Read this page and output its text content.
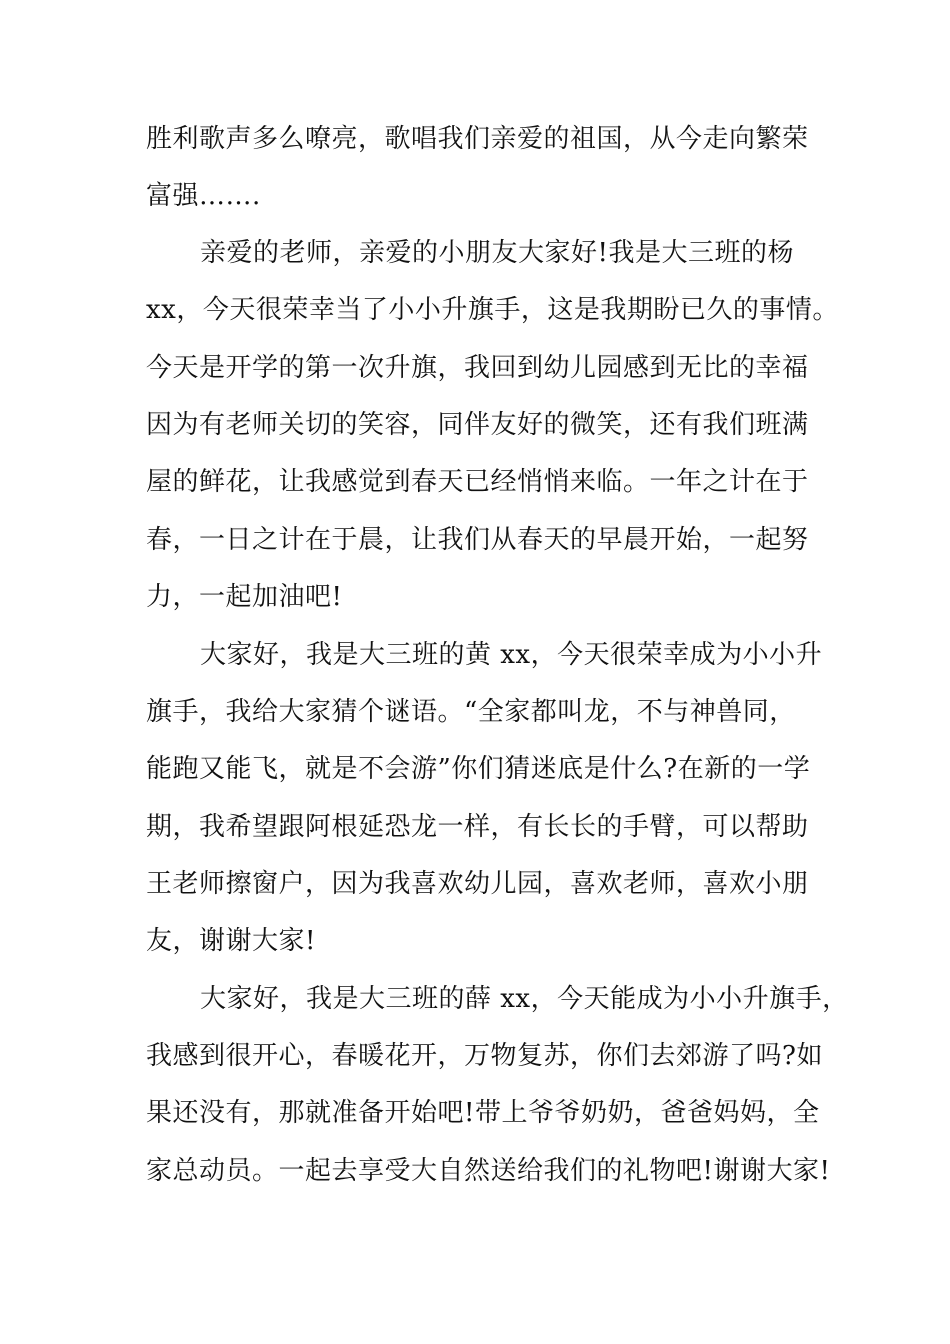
胜利歌声多么嘹亮，歌唱我们亲爱的祖国，从今走向繁荣
富强…….
亲爱的老师，亲爱的小朋友大家好!我是大三班的杨
xx，今天很荣幸当了小小升旗手，这是我期盼已久的事情。
今天是开学的第一次升旗，我回到幼儿园感到无比的幸福
因为有老师关切的笑容，同伴友好的微笑，还有我们班满
屋的鲜花，让我感觉到春天已经悄悄来临。一年之计在于
春，一日之计在于晨，让我们从春天的早晨开始，一起努
力，一起加油吧!
大家好，我是大三班的黄 xx，今天很荣幸成为小小升
旗手，我给大家猜个谜语。“全家都叫龙，不与神兽同，
能跑又能飞，就是不会游”你们猜迷底是什么?在新的一学
期，我希望跟阿根延恐龙一样，有长长的手臂，可以帮助
王老师擦窗户，因为我喜欢幼儿园，喜欢老师，喜欢小朋
友，谢谢大家!
大家好，我是大三班的薛 xx，今天能成为小小升旗手，
我感到很开心，春暖花开，万物复苏，你们去郊游了吗?如
果还没有，那就准备开始吧!带上爷爷奶奶，爸爸妈妈，全
家总动员。一起去享受大自然送给我们的礼物吧!谢谢大家!
